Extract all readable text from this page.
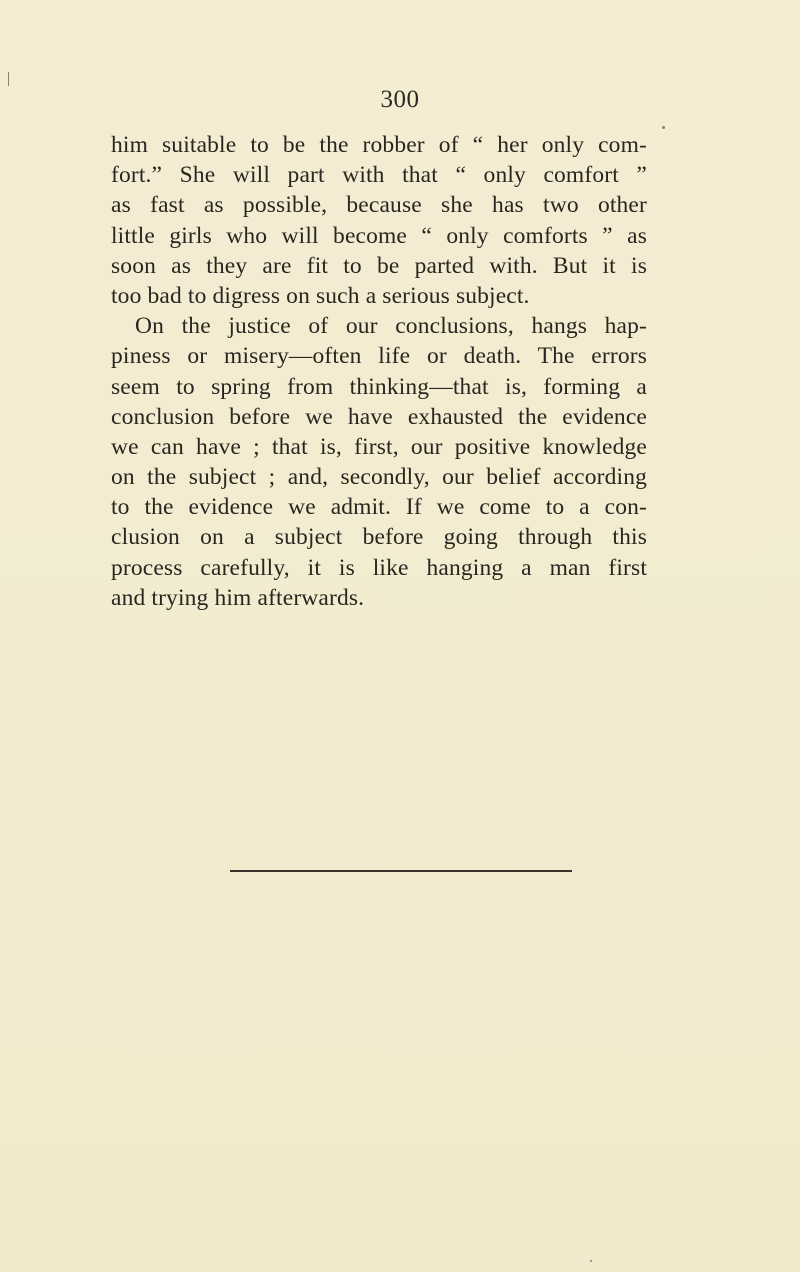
300
him suitable to be the robber of “ her only com-
fort.” She will part with that “ only comfort ”
as fast as possible, because she has two other
little girls who will become “ only comforts ” as
soon as they are fit to be parted with. But it is
too bad to digress on such a serious subject.
On the justice of our conclusions, hangs hap-
piness or misery—often life or death. The errors
seem to spring from thinking—that is, forming a
conclusion before we have exhausted the evidence
we can have ; that is, first, our positive knowledge
on the subject ; and, secondly, our belief according
to the evidence we admit. If we come to a con-
clusion on a subject before going through this
process carefully, it is like hanging a man first
and trying him afterwards.
